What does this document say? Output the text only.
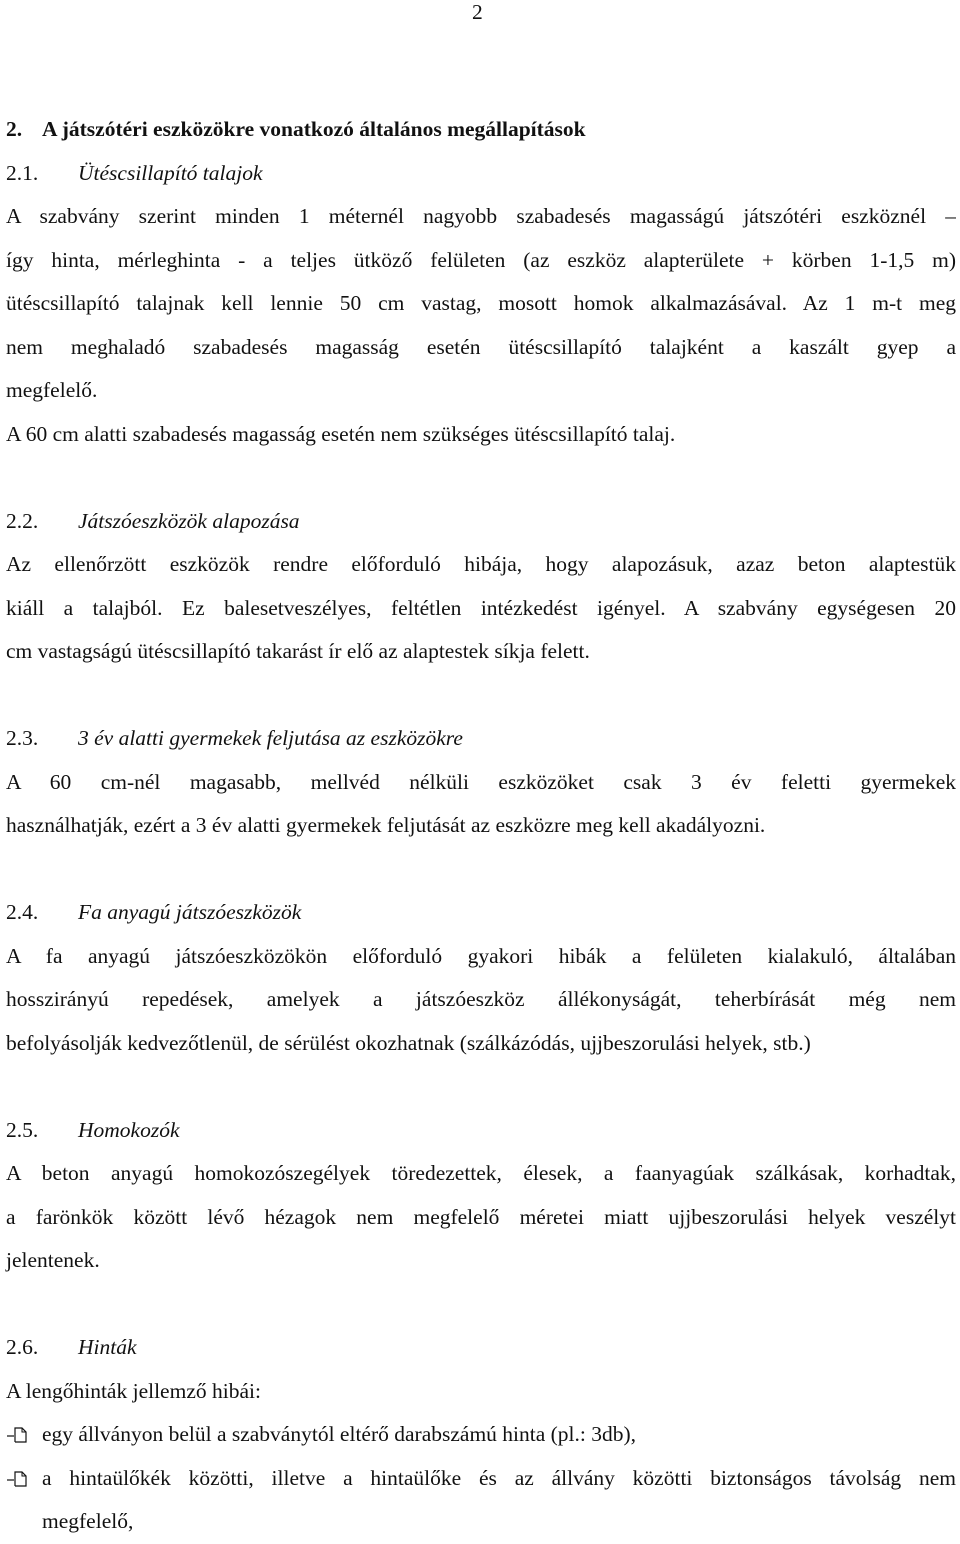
2
2. A játszótéri eszközökre vonatkozó általános megállapítások
2.1. Ütéscsillapító talajok
A szabvány szerint minden 1 méternél nagyobb szabadesés magasságú játszótéri eszköznél –
így hinta, mérleghinta - a teljes ütköző felületen (az eszköz alapterülete + körben 1-1,5 m)
ütéscsillapító talajnak kell lennie 50 cm vastag, mosott homok alkalmazásával. Az 1 m-t meg
nem meghaladó szabadesés magasság esetén ütéscsillapító talajként a kaszált gyep a
megfelelő.
A 60 cm alatti szabadesés magasság esetén nem szükséges ütéscsillapító talaj.
2.2. Játszóeszközök alapozása
Az ellenőrzött eszközök rendre előforduló hibája, hogy alapozásuk, azaz beton alaptestük
kiáll a talajból. Ez balesetveszélyes, feltétlen intézkedést igényel. A szabvány egységesen 20
cm vastagságú ütéscsillapító takarást ír elő az alaptestek síkja felett.
2.3. 3 év alatti gyermekek feljutása az eszközökre
A 60 cm-nél magasabb, mellvéd nélküli eszközöket csak 3 év feletti gyermekek
használhatják, ezért a 3 év alatti gyermekek feljutását az eszközre meg kell akadályozni.
2.4. Fa anyagú játszóeszközök
A fa anyagú játszóeszközökön előforduló gyakori hibák a felületen kialakuló, általában
hosszirányú repedések, amelyek a játszóeszköz állékonyságát, teherbírását még nem
befolyásolják kedvezőtlenül, de sérülést okozhatnak (szálkázódás, ujjbeszorulási helyek, stb.)
2.5. Homokozók
A beton anyagú homokozószegélyek töredezettek, élesek, a faanyagúak szálkásak, korhadtak,
a farönkök között lévő hézagok nem megfelelő méretei miatt ujjbeszorulási helyek veszélyt
jelentenek.
2.6. Hinták
A lengőhinták jellemző hibái:
egy állványon belül a szabványtól eltérő darabszámú hinta (pl.: 3db),
a hintaülőkék közötti, illetve a hintaülőke és az állvány közötti biztonságos távolság nem
megfelelő,
